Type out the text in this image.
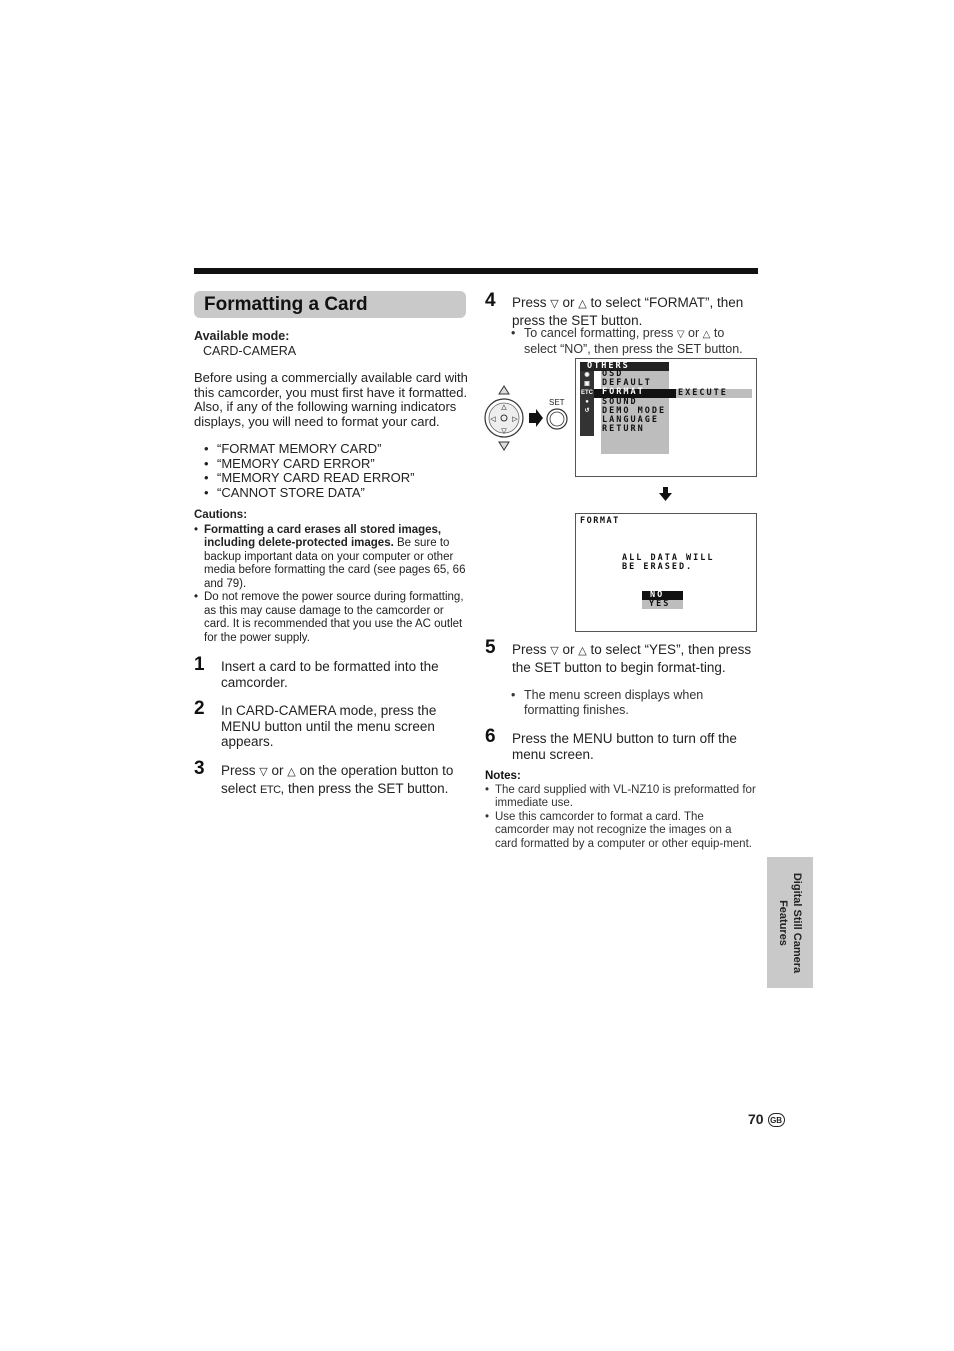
Formatting a Card
Available mode:
CARD-CAMERA
Before using a commercially available card with this camcorder, you must first have it formatted. Also, if any of the following warning indicators displays, you will need to format your card.
• “FORMAT MEMORY CARD”
• “MEMORY CARD ERROR”
• “MEMORY CARD READ ERROR”
• “CANNOT STORE DATA”
Cautions:
• Formatting a card erases all stored images, including delete-protected images. Be sure to backup important data on your computer or other media before formatting the card (see pages 65, 66 and 79).
• Do not remove the power source during formatting, as this may cause damage to the camcorder or card. It is recommended that you use the AC outlet for the power supply.
1 Insert a card to be formatted into the camcorder.
2 In CARD-CAMERA mode, press the MENU button until the menu screen appears.
3 Press ▽ or △ on the operation button to select ETC, then press the SET button.
4 Press ▽ or △ to select “FORMAT”, then press the SET button.
• To cancel formatting, press ▽ or △ to select “NO”, then press the SET button.
△
▽
◁ ▷
SET
OTHERS
◉
▣
ETC
●
↺
OSD
DEFAULT
FORMAT
SOUND
DEMO MODE
LANGUAGE
RETURN
EXECUTE
FORMAT
ALL DATA WILL
BE ERASED.
NO
YES
5 Press ▽ or △ to select “YES”, then press the SET button to begin format-ting.
• The menu screen displays when formatting finishes.
6 Press the MENU button to turn off the menu screen.
Notes:
• The card supplied with VL-NZ10 is preformatted for immediate use.
• Use this camcorder to format a card. The camcorder may not recognize the images on a card formatted by a computer or other equip-ment.
Digital Still Camera
Features
70 GB
